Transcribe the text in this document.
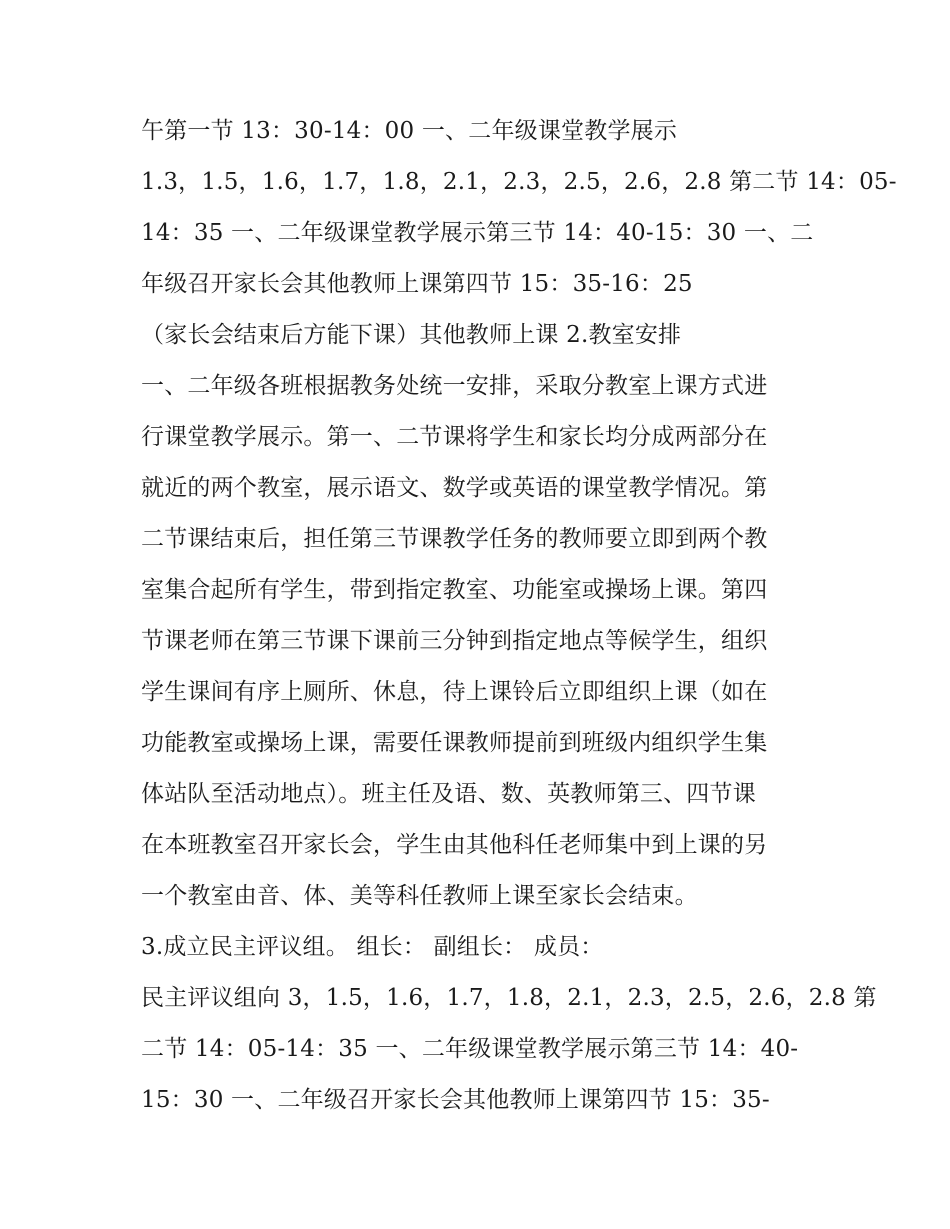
午第一节 13：30-14：00 一、二年级课堂教学展示
1.3，1.5，1.6，1.7，1.8，2.1，2.3，2.5，2.6，2.8 第二节 14：05-
14：35 一、二年级课堂教学展示第三节 14：40-15：30 一、二
年级召开家长会其他教师上课第四节 15：35-16：25
（家长会结束后方能下课）其他教师上课 2.教室安排
一、二年级各班根据教务处统一安排，采取分教室上课方式进
行课堂教学展示。第一、二节课将学生和家长均分成两部分在
就近的两个教室，展示语文、数学或英语的课堂教学情况。第
二节课结束后，担任第三节课教学任务的教师要立即到两个教
室集合起所有学生，带到指定教室、功能室或操场上课。第四
节课老师在第三节课下课前三分钟到指定地点等候学生，组织
学生课间有序上厕所、休息，待上课铃后立即组织上课（如在
功能教室或操场上课，需要任课教师提前到班级内组织学生集
体站队至活动地点）。班主任及语、数、英教师第三、四节课
在本班教室召开家长会，学生由其他科任老师集中到上课的另
一个教室由音、体、美等科任教师上课至家长会结束。
3.成立民主评议组。 组长： 副组长： 成员：
民主评议组向 3，1.5，1.6，1.7，1.8，2.1，2.3，2.5，2.6，2.8 第
二节 14：05-14：35 一、二年级课堂教学展示第三节 14：40-
15：30 一、二年级召开家长会其他教师上课第四节 15：35-
